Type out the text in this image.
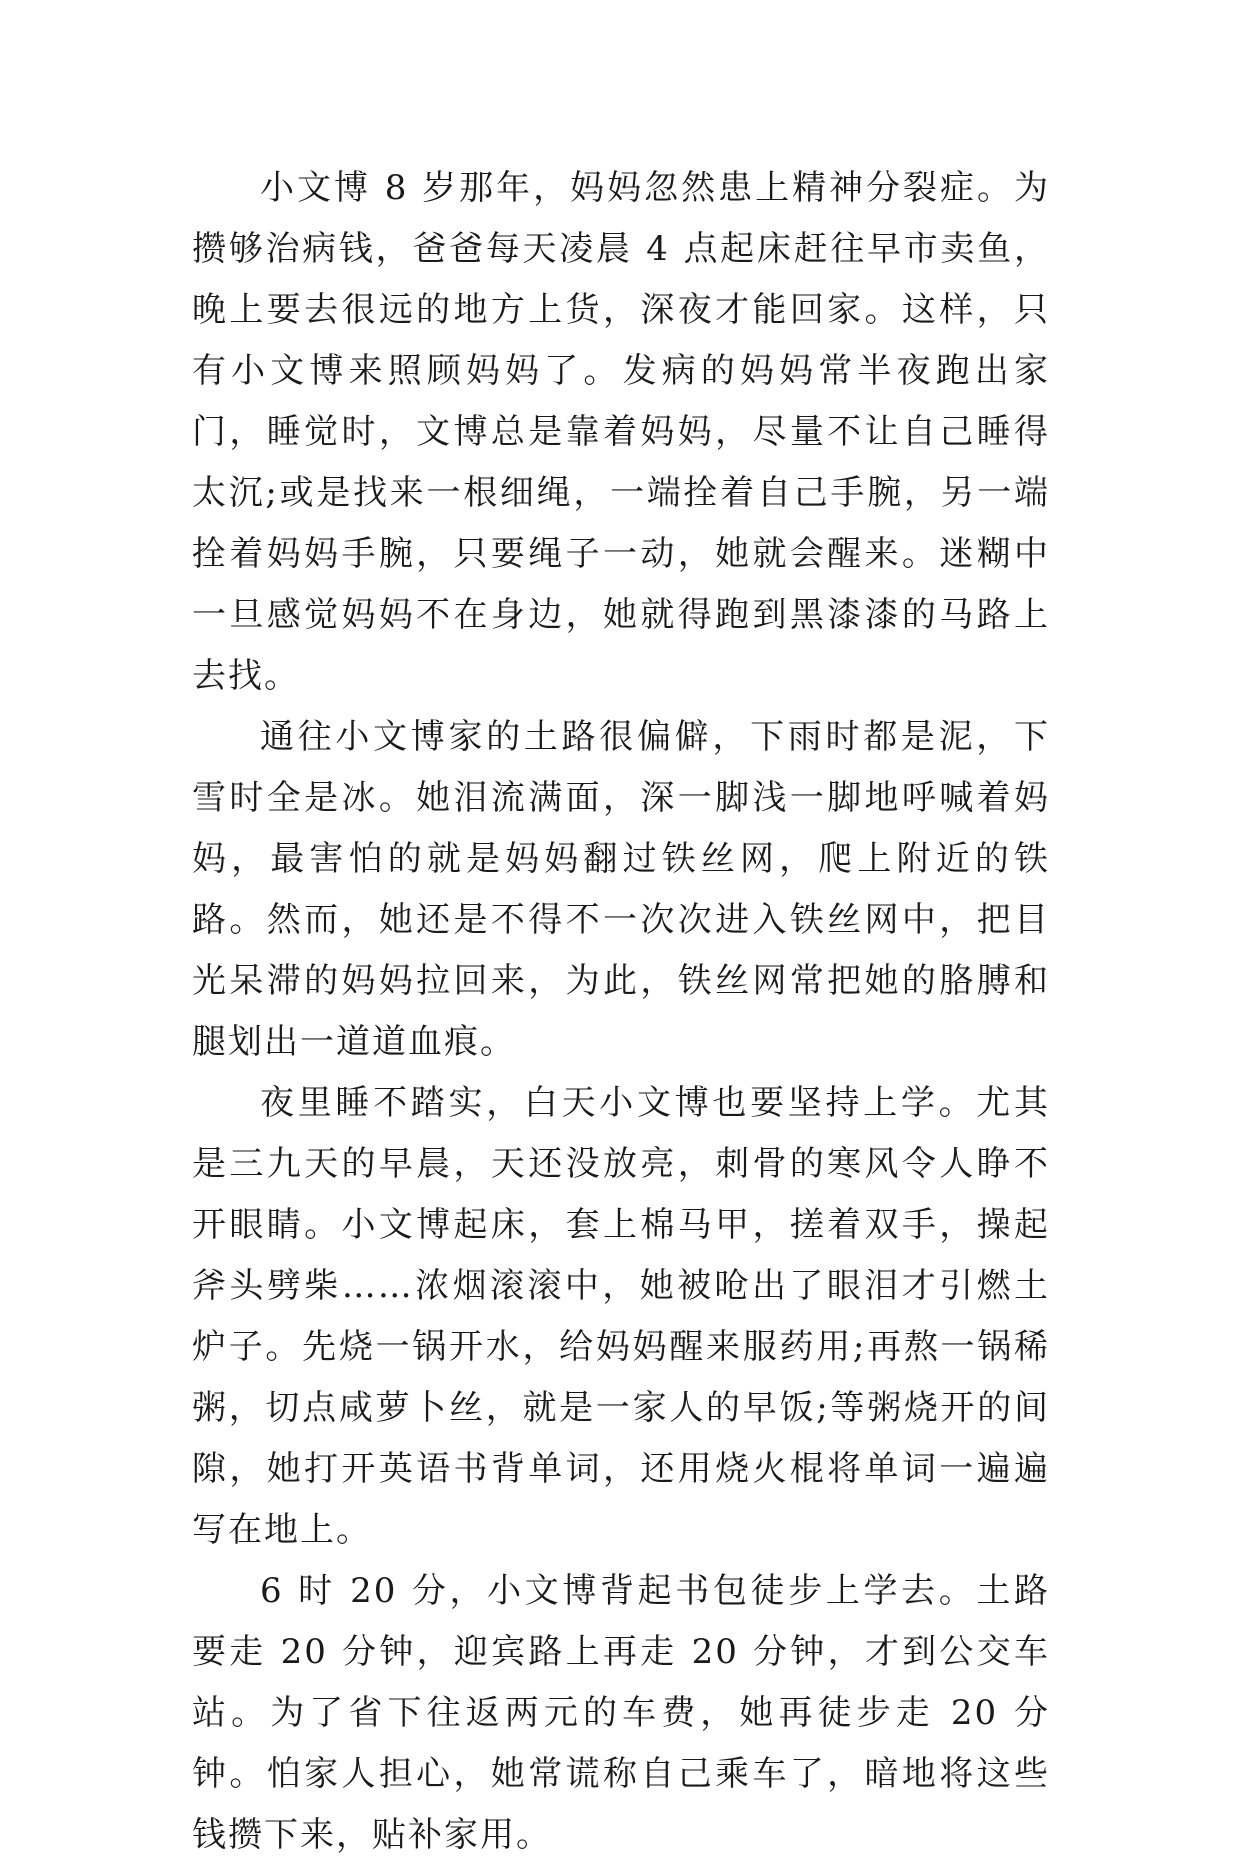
小文博 8 岁那年，妈妈忽然患上精神分裂症。为攒够治病钱，爸爸每天凌晨 4 点起床赶往早市卖鱼，晚上要去很远的地方上货，深夜才能回家。这样，只有小文博来照顾妈妈了。发病的妈妈常半夜跑出家门，睡觉时，文博总是靠着妈妈，尽量不让自己睡得太沉;或是找来一根细绳，一端拴着自己手腕，另一端拴着妈妈手腕，只要绳子一动，她就会醒来。迷糊中一旦感觉妈妈不在身边，她就得跑到黑漆漆的马路上去找。

通往小文博家的土路很偏僻，下雨时都是泥，下雪时全是冰。她泪流满面，深一脚浅一脚地呼喊着妈妈，最害怕的就是妈妈翻过铁丝网，爬上附近的铁路。然而，她还是不得不一次次进入铁丝网中，把目光呆滞的妈妈拉回来，为此，铁丝网常把她的胳膊和腿划出一道道血痕。

夜里睡不踏实，白天小文博也要坚持上学。尤其是三九天的早晨，天还没放亮，刺骨的寒风令人睁不开眼睛。小文博起床，套上棉马甲，搓着双手，操起斧头劈柴……浓烟滚滚中，她被呛出了眼泪才引燃土炉子。先烧一锅开水，给妈妈醒来服药用;再熬一锅稀粥，切点咸萝卜丝，就是一家人的早饭;等粥烧开的间隙，她打开英语书背单词，还用烧火棍将单词一遍遍写在地上。

6 时 20 分，小文博背起书包徒步上学去。土路要走 20 分钟，迎宾路上再走 20 分钟，才到公交车站。为了省下往返两元的车费，她再徒步走 20 分钟。怕家人担心，她常谎称自己乘车了，暗地将这些钱攒下来，贴补家用。
